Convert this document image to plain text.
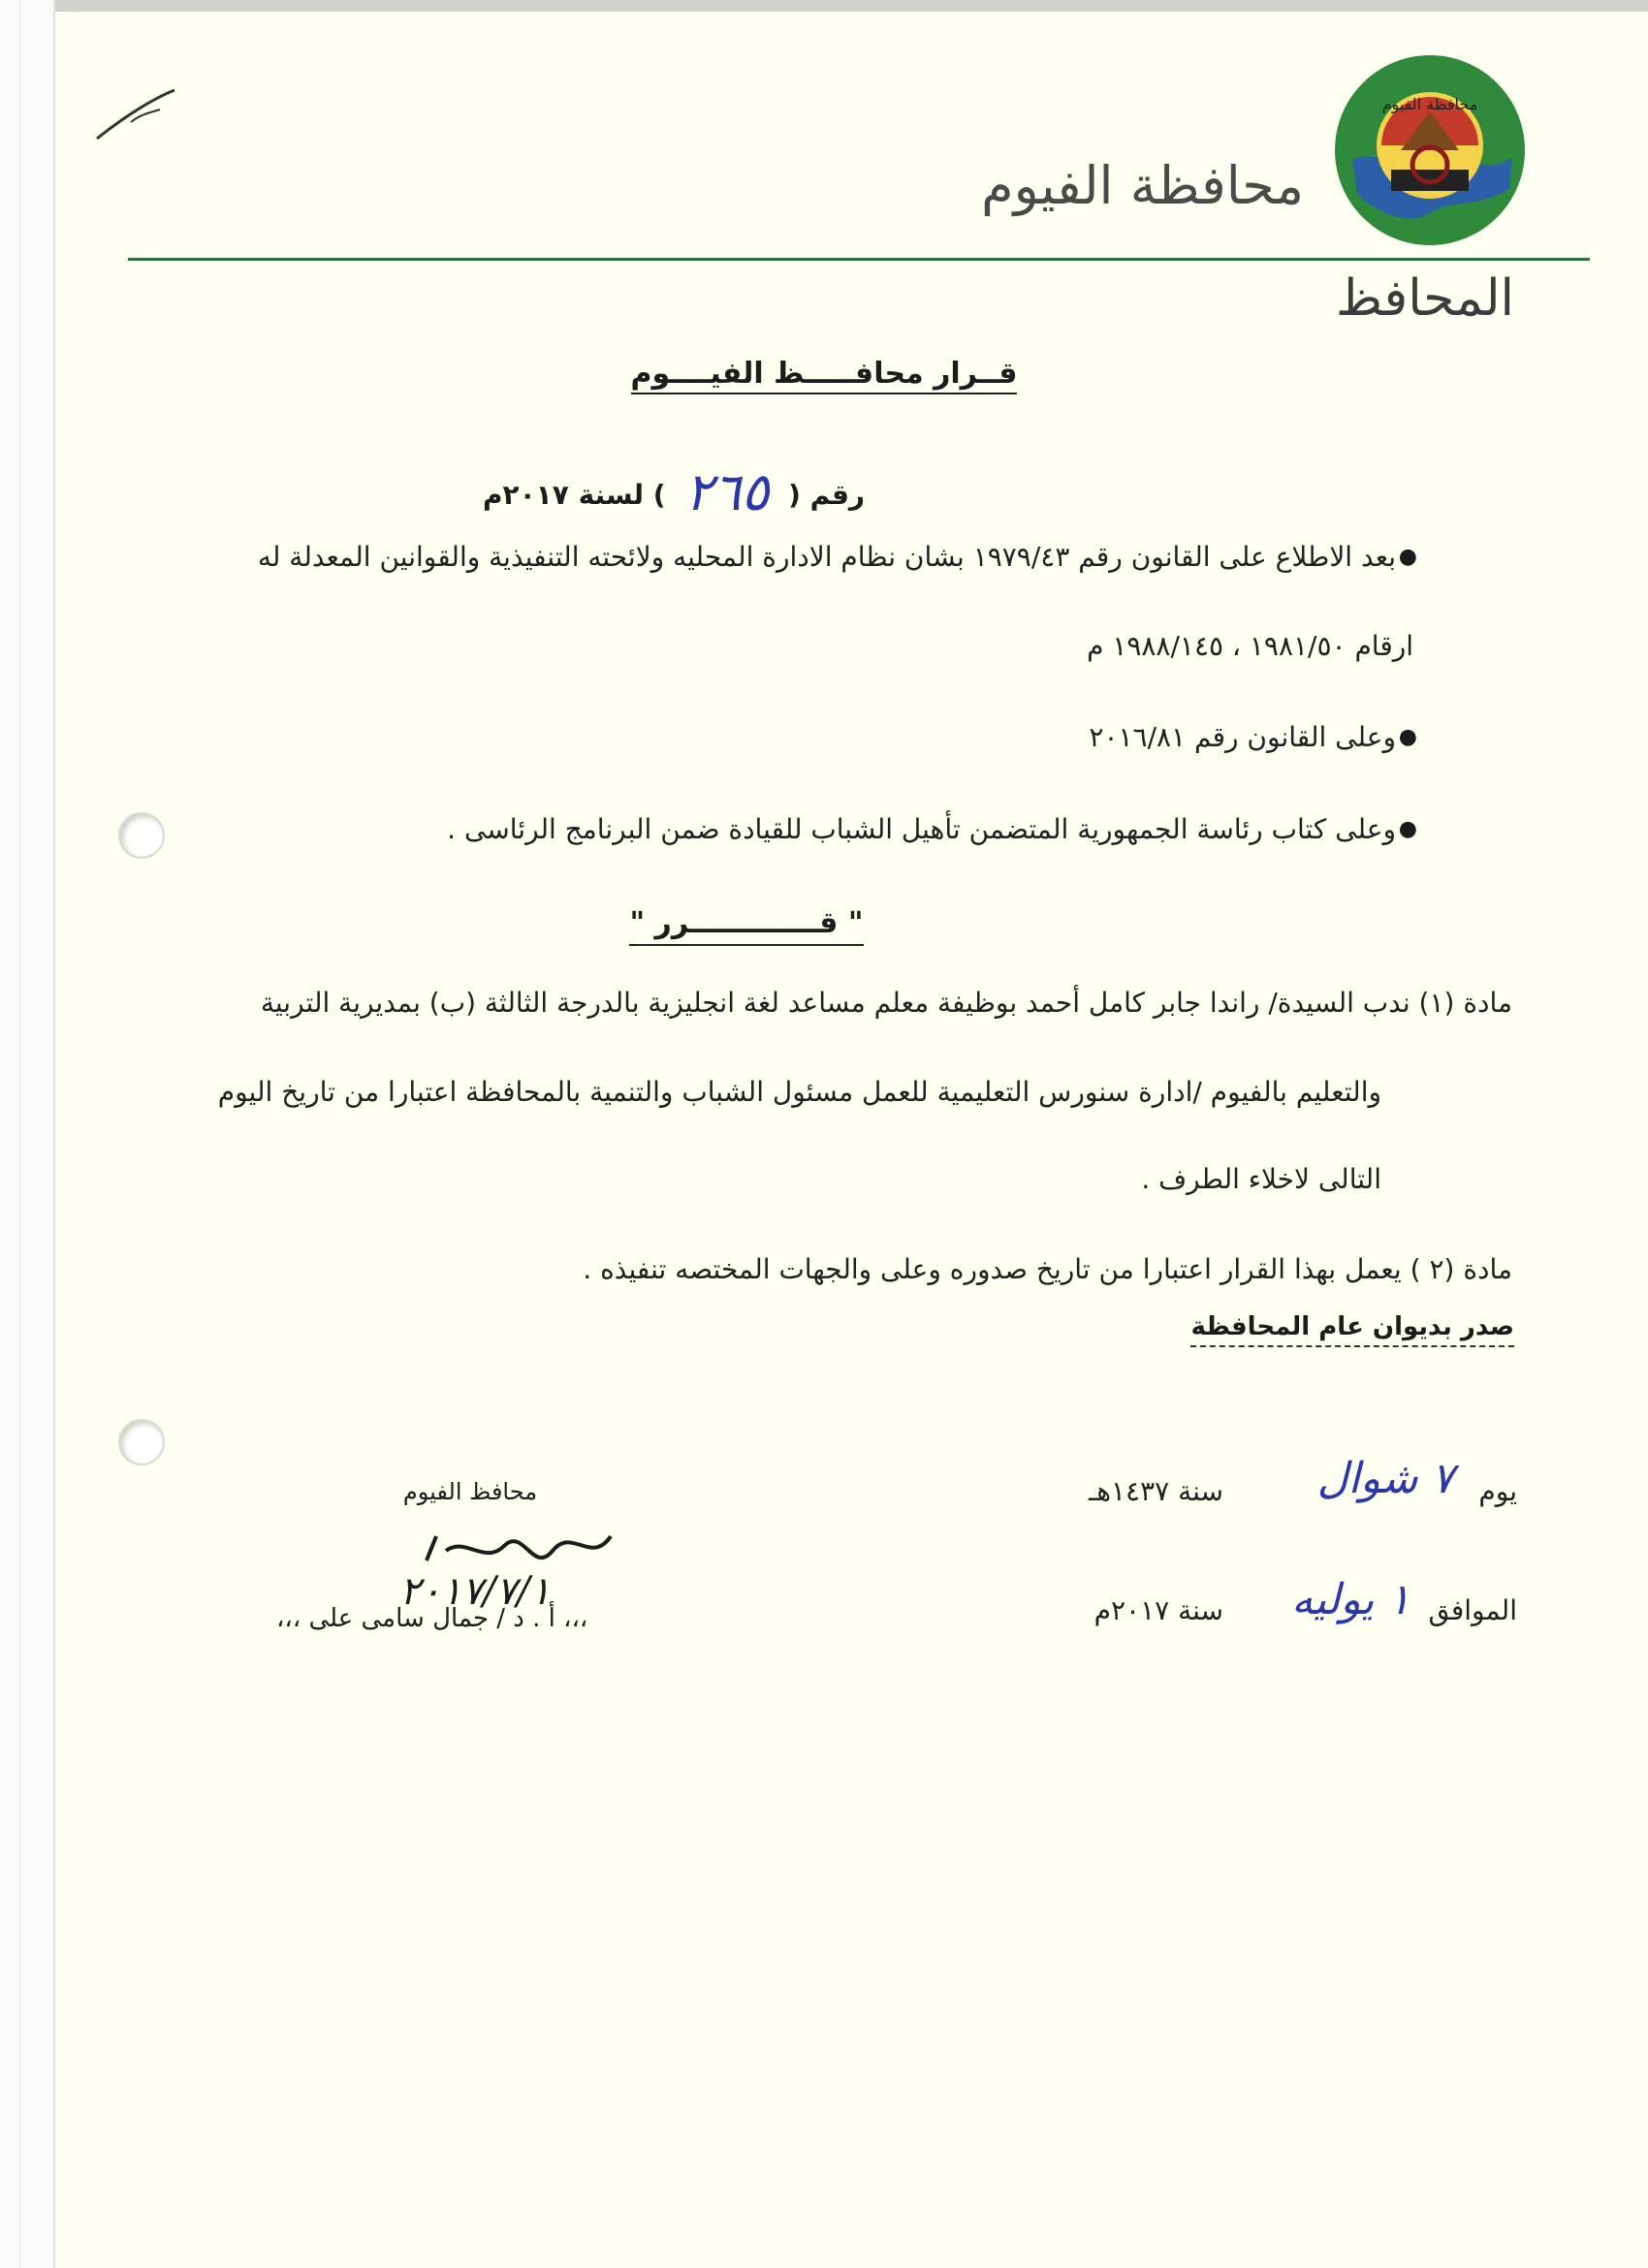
محافظة الفيوم
محافظة الفيوم
المحافظ
قــرار محافـــــظ الفيــــوم
رقم ( ٢٦٥ ) لسنة ٢٠١٧م
●
بعد الاطلاع على القانون رقم ١٩٧٩/٤٣ بشان نظام الادارة المحليه ولائحته التنفيذية والقوانين المعدلة له
ارقام ١٩٨١/٥٠ ، ١٩٨٨/١٤٥ م
●
وعلى القانون رقم ٢٠١٦/٨١
●
وعلى كتاب رئاسة الجمهورية المتضمن تأهيل الشباب للقيادة ضمن البرنامج الرئاسى .
" قـــــــــــــرر "
مادة (١) ندب السيدة/ راندا جابر كامل أحمد بوظيفة معلم مساعد لغة انجليزية بالدرجة الثالثة (ب) بمديرية التربية
والتعليم بالفيوم /ادارة سنورس التعليمية للعمل مسئول الشباب والتنمية بالمحافظة اعتبارا من تاريخ اليوم
التالى لاخلاء الطرف .
مادة (٢ ) يعمل بهذا القرار اعتبارا من تاريخ صدوره وعلى والجهات المختصه تنفيذه .
صدر بديوان عام المحافظة
يوم
٧ شوال
سنة ١٤٣٧هـ
الموافق
١ يوليه
سنة ٢٠١٧م
محافظ الفيوم
٢٠١٧/٧/١
،،، أ . د / جمال سامى على ،،،
